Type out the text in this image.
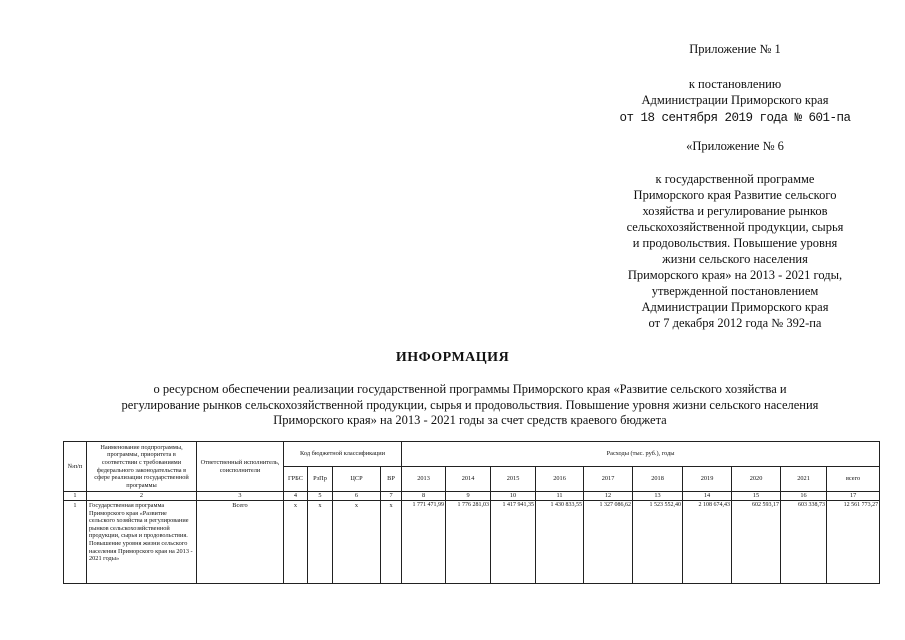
Приложение № 1
к постановлению
Администрации Приморского края
от 18 сентября 2019 года № 601-па
«Приложение № 6
к государственной программе
Приморского края Развитие сельского
хозяйства и регулирование рынков
сельскохозяйственной продукции, сырья
и продовольствия. Повышение уровня
жизни сельского населения
Приморского края» на 2013 - 2021 годы,
утвержденной постановлением
Администрации Приморского края
от 7 декабря 2012 года № 392-па
ИНФОРМАЦИЯ
о ресурсном обеспечении реализации государственной программы Приморского края «Развитие сельского хозяйства и
регулирование рынков сельскохозяйственной продукции, сырья и продовольствия. Повышение уровня жизни сельского населения
Приморского края» на 2013 - 2021 годы за счет средств краевого бюджета
№п/п	Наименование подпрограммы, программы, приоритета в соответствии с требованиями федерального законодательства в сфере реализации государственной программы	Ответственный исполнитель, соисполнители	Код бюджетной классификации				Расходы (тыс. руб.), годы									
			ГРБС	РзПр	ЦСР	ВР	2013	2014	2015	2016	2017	2018	2019	2020	2021	всего
1	2	3	4	5	6	7	8	9	10	11	12	13	14	15	16	17
1	Государственная программа Приморского края «Развитие сельского хозяйства и регулирование рынков сельскохозяйственной продукции, сырья и продовольствия. Повышение уровня жизни сельского населения Приморского края на 2013 - 2021 годы»	Всего	х	х	х	х	1 771 471,99	1 776 281,03	1 417 941,35	1 430 833,55	1 327 086,62	1 523 552,40	2 108 674,43	602 593,17	603 338,73	12 561 773,27
